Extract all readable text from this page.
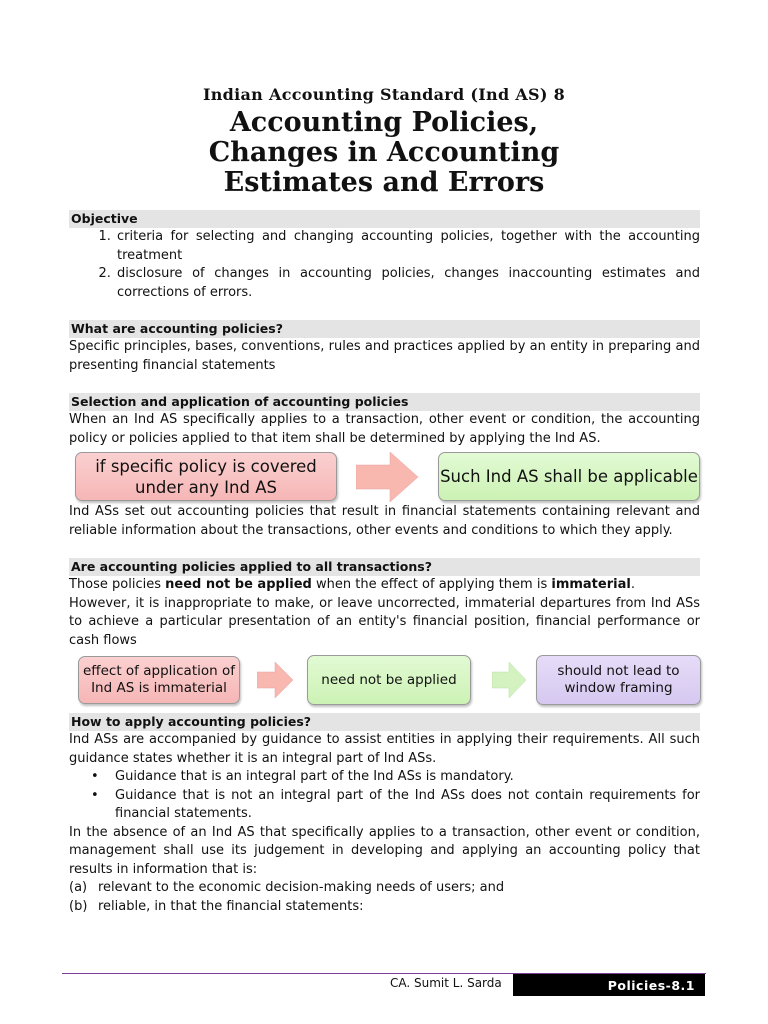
Indian Accounting Standard (Ind AS) 8

Accounting Policies,
Changes in Accounting
Estimates and Errors

Objective

1. criteria for selecting and changing accounting policies, together with the accounting treatment
2. disclosure of changes in accounting policies, changes inaccounting estimates and corrections of errors.

What are accounting policies?

Specific principles, bases, conventions, rules and practices applied by an entity in preparing and presenting financial statements

Selection and application of accounting policies

When an Ind AS specifically applies to a transaction, other event or condition, the accounting policy or policies applied to that item shall be determined by applying the Ind AS.

if specific policy is covered under any Ind AS
Such Ind AS shall be applicable

Ind ASs set out accounting policies that result in financial statements containing relevant and reliable information about the transactions, other events and conditions to which they apply.

Are accounting policies applied to all transactions?

Those policies need not be applied when the effect of applying them is immaterial.

However, it is inappropriate to make, or leave uncorrected, immaterial departures from Ind ASs to achieve a particular presentation of an entity's financial position, financial performance or cash flows

effect of application of Ind AS is immaterial
need not be applied
should not lead to window framing

How to apply accounting policies?

Ind ASs are accompanied by guidance to assist entities in applying their requirements. All such guidance states whether it is an integral part of Ind ASs.

• Guidance that is an integral part of the Ind ASs is mandatory.
• Guidance that is not an integral part of the Ind ASs does not contain requirements for financial statements.

In the absence of an Ind AS that specifically applies to a transaction, other event or condition, management shall use its judgement in developing and applying an accounting policy that results in information that is:

(a) relevant to the economic decision-making needs of users; and
(b) reliable, in that the financial statements:
CA. Sumit L. Sarda	Policies-8.1
